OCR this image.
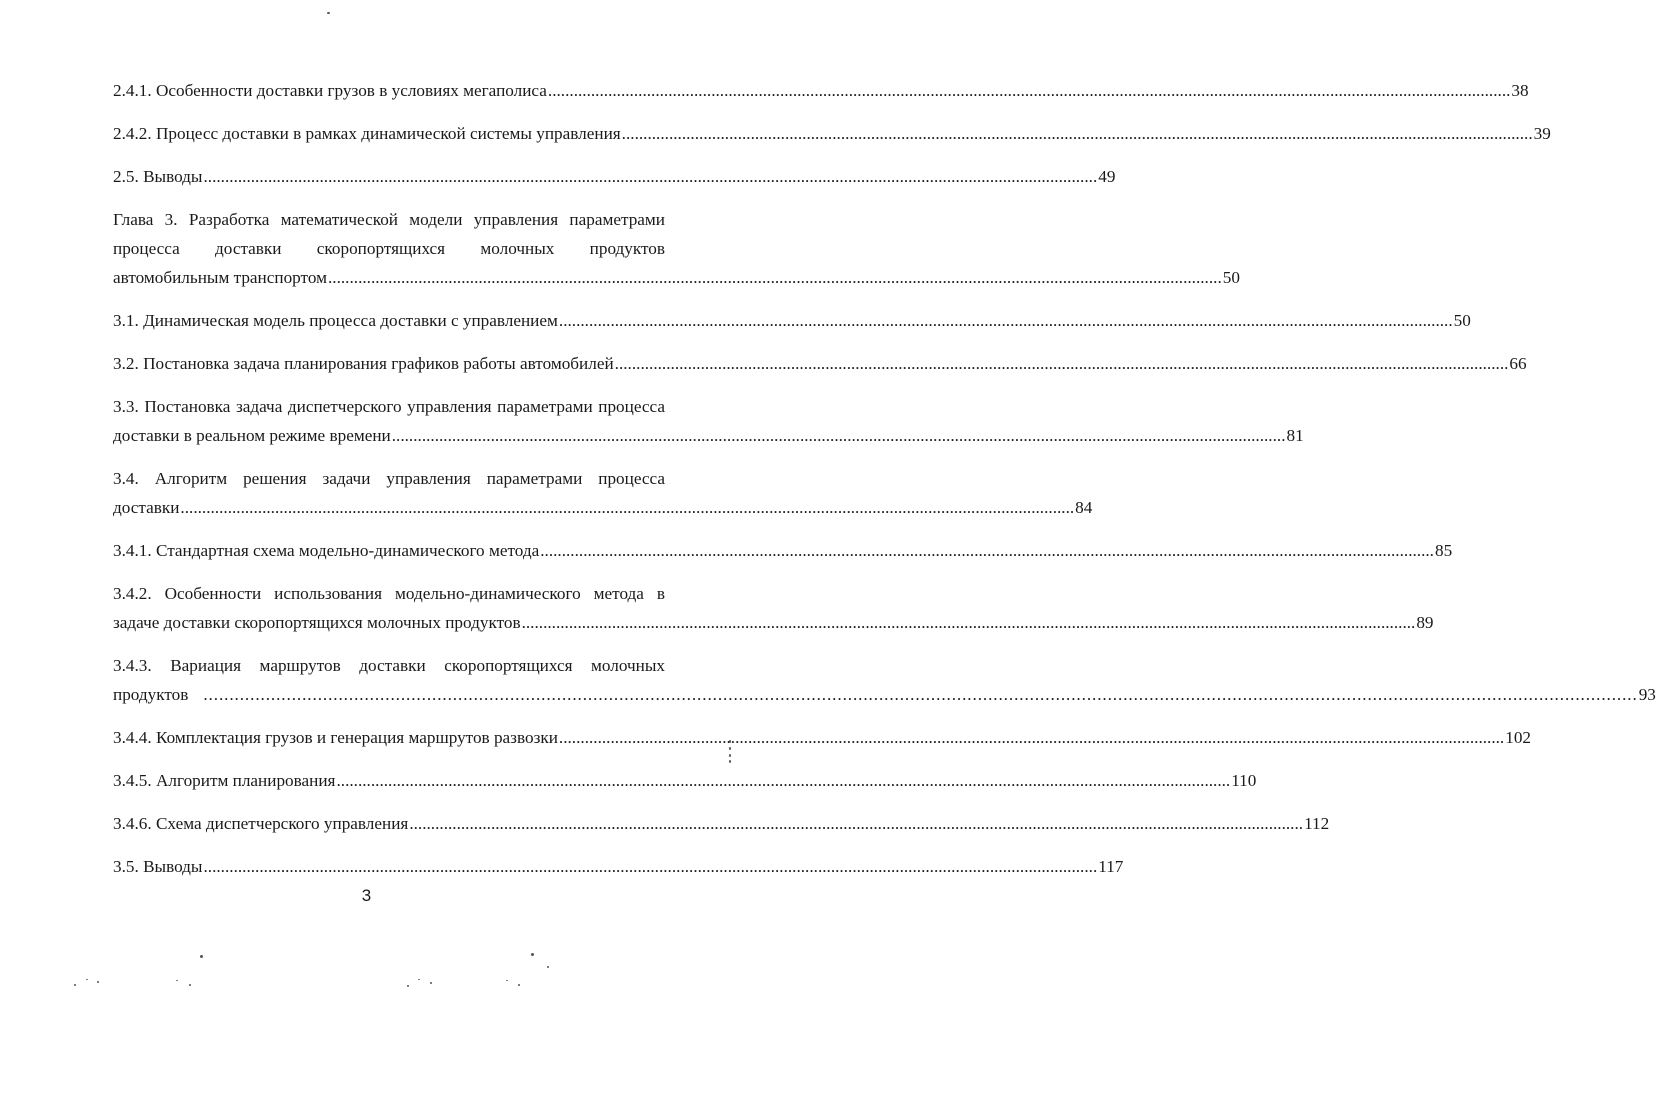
2.4.1. Особенности доставки грузов в условиях мегаполиса	..... ................ 38
2.4.2. Процесс доставки в рамках динамической системы управления	..... .... 39
2.5. Выводы .....	49
Глава 3. Разработка математической модели управления параметрами
процесса доставки скоропортящихся молочных продуктов
автомобильным транспортом .....	50
3.1. Динамическая модель процесса доставки с управлением .....	50
3.2. Постановка задача планирования графиков работы автомобилей .....	66
3.3. Постановка задача диспетчерского управления параметрами процесса
доставки в реальном режиме времени .....	81
3.4. Алгоритм решения задачи управления параметрами процесса
доставки .....	84
3.4.1. Стандартная схема модельно-динамического метода .....	85
3.4.2. Особенности использования модельно-динамического метода в
задаче доставки скоропортящихся молочных продуктов .....	89
3.4.3. Вариация маршрутов доставки скоропортящихся молочных
продуктов	..... .................................................................... 93
3.4.4. Комплектация грузов и генерация маршрутов развозки	..... ............ 102
3.4.5. Алгоритм планирования .....	110
3.4.6. Схема диспетчерского управления .....	112
3.5. Выводы .....	117
3
